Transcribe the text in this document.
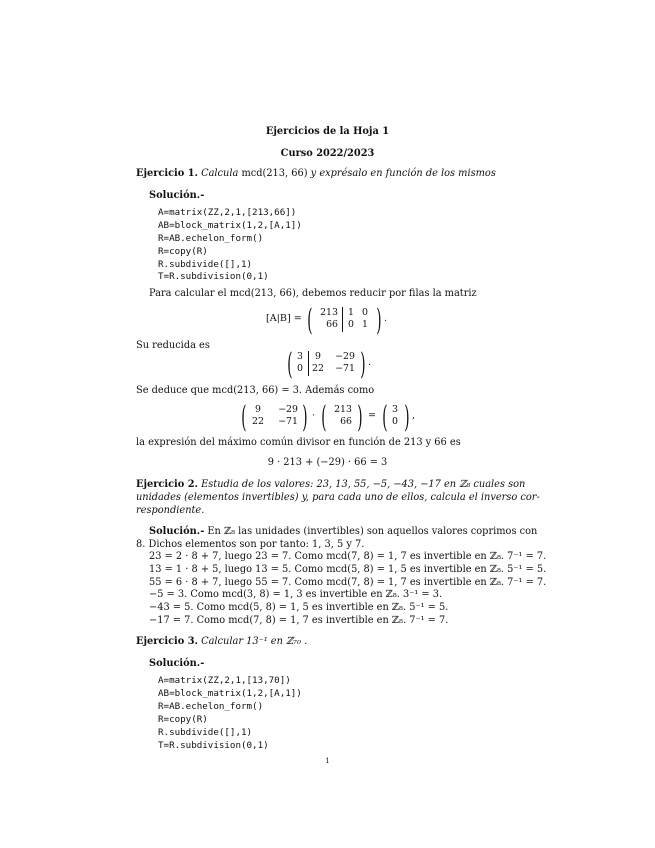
Ejercicios de la Hoja 1
Curso 2022/2023
Ejercicio 1. Calcula mcd(213, 66) y exprésalo en función de los mismos
Solución.-
A=matrix(ZZ,2,1,[213,66])
AB=block_matrix(1,2,[A,1])
R=AB.echelon_form()
R=copy(R)
R.subdivide([],1)
T=R.subdivision(0,1)
Para calcular el mcd(213, 66), debemos reducir por filas la matriz
[A|B] = ( 213
66
1
0
0
1 ) .
Su reducida es
( 3
0
9
22
−29
−71 ) .
Se deduce que mcd(213, 66) = 3. Además como
( 9
22
−29
−71 ) · ( 213
66 ) = ( 3
0 ) ,
la expresión del máximo común divisor en función de 213 y 66 es
9 · 213 + (−29) · 66 = 3
Ejercicio 2. Estudia de los valores: 23, 13, 55, −5, −43, −17 en ℤ₈ cuales son
unidades (elementos invertibles) y, para cada uno de ellos, calcula el inverso cor-
respondiente.
Solución.- En ℤ₈ las unidades (invertibles) son aquellos valores coprimos con
8. Dichos elementos son por tanto: 1, 3, 5 y 7.
23 = 2 · 8 + 7, luego 23 = 7. Como mcd(7, 8) = 1, 7 es invertible en ℤ₈. 7⁻¹ = 7.
13 = 1 · 8 + 5, luego 13 = 5. Como mcd(5, 8) = 1, 5 es invertible en ℤ₈. 5⁻¹ = 5.
55 = 6 · 8 + 7, luego 55 = 7. Como mcd(7, 8) = 1, 7 es invertible en ℤ₈. 7⁻¹ = 7.
−5 = 3. Como mcd(3, 8) = 1, 3 es invertible en ℤ₈. 3⁻¹ = 3.
−43 = 5. Como mcd(5, 8) = 1, 5 es invertible en ℤ₈. 5⁻¹ = 5.
−17 = 7. Como mcd(7, 8) = 1, 7 es invertible en ℤ₈. 7⁻¹ = 7.
Ejercicio 3. Calcular 13⁻¹ en ℤ₇₀ .
Solución.-
A=matrix(ZZ,2,1,[13,70])
AB=block_matrix(1,2,[A,1])
R=AB.echelon_form()
R=copy(R)
R.subdivide([],1)
T=R.subdivision(0,1)
1
